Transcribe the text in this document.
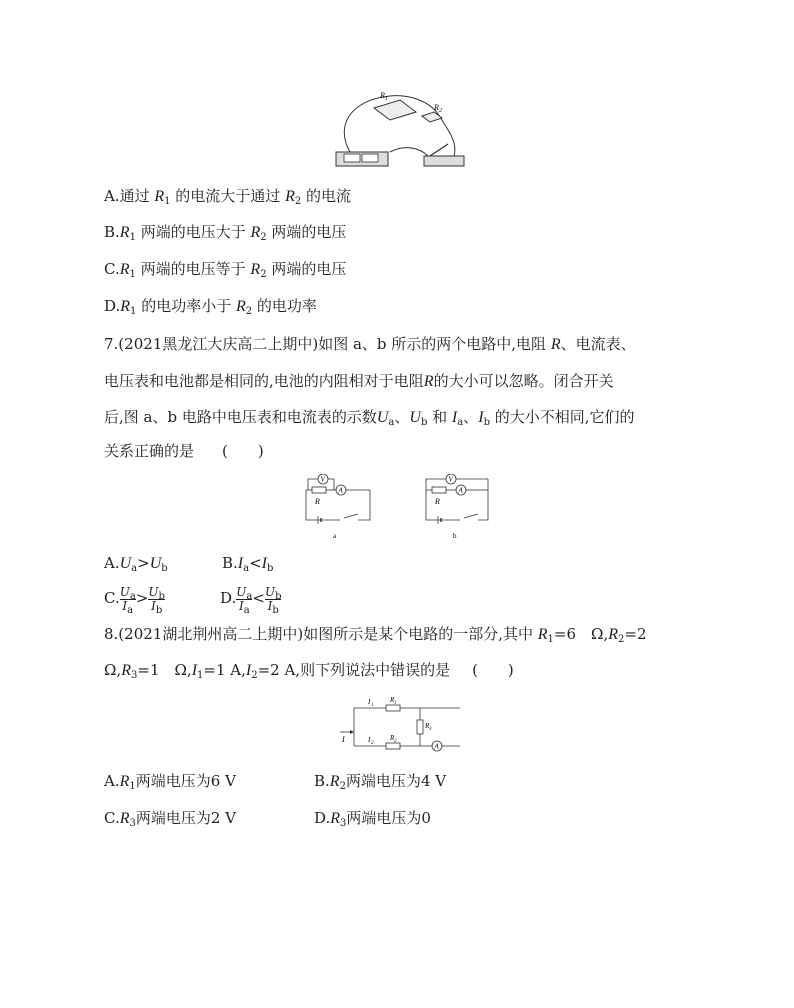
R 1
R 2
A.通过 $R_1$ 的电流大于通过 $R_2$ 的电流
$B.R_1$ 两端的电压大于 $R_2$ 两端的电压
$C.R_1$ 两端的电压等于 $R_2$ 两端的电压
$D.R_1$ 的电功率小于 $R_2$ 的电功率
7.(2021黑龙江大庆高二上期中)如图 a、b 所示的两个电路中,电阻 R、电流表、
电压表和电池都是相同的,电池的内阻相对于电阻R的大小可以忽略。闭合开关
后,图 a、b 电路中电压表和电流表的示数$U_a$、$U_b$ 和 $I_a$、$I_b$ 的大小不相同,它们的
关系正确的是 (　　)
A
V
R
a
A
V
R
b
$A.U_a>U_b$	$B.I_a<I_b$
C. $\frac{U_a}{I_a} > \frac{U_b}{I_b}$	D. $\frac{U_a}{I_a} < \frac{U_b}{I_b}$
8.(2021湖北荆州高二上期中)如图所示是某个电路的一部分,其中 $R_1=6$　$\Omega,R_2=2$
$\Omega,R_3=1$　$\Omega,I_1=1$ $A,I_2=2$ A,则下列说法中错误的是 (　　)
I
I 1
R 1
A
I 2
R 2
R 3
$A.R_1$两端电压为6 V	$B.R_2$两端电压为4 V
$C.R_3$两端电压为2 V	$D.R_3$两端电压为0
